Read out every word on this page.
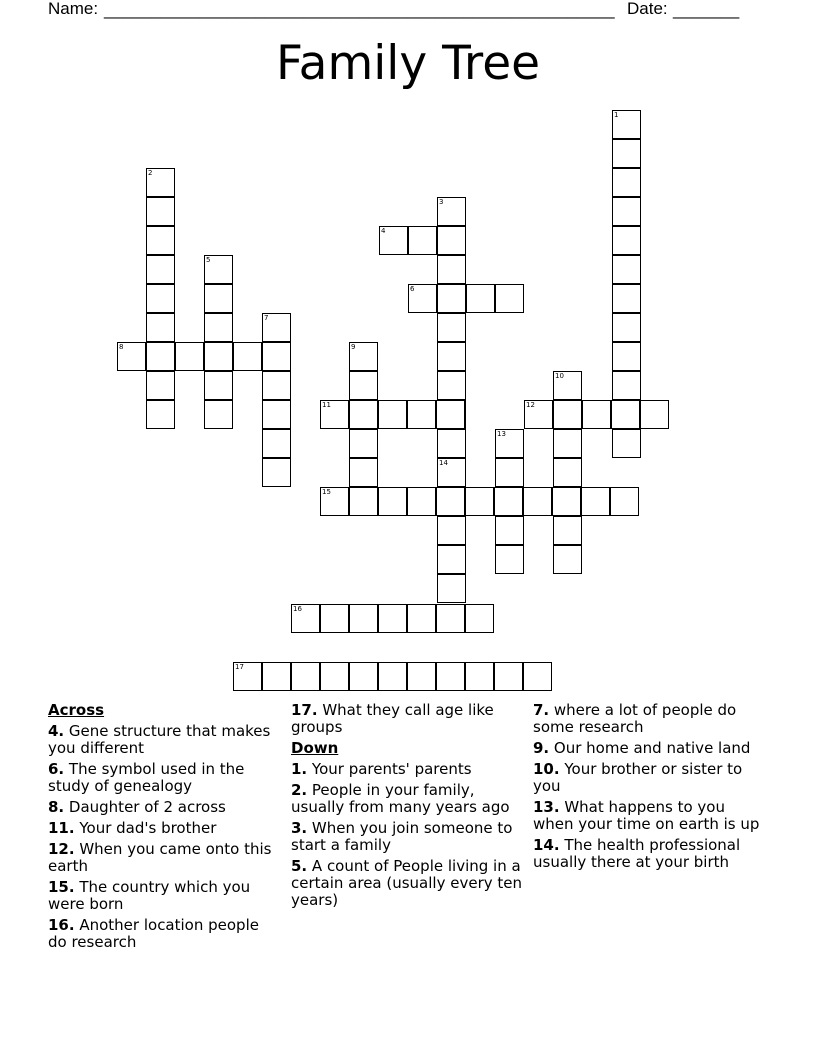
Name: ______________________________________________________ Date: _______
Family Tree
1
2
3
4
5
6
7
8	9
10
11	12
13
14
15
16
17
Across
4. Gene structure that makes you different
6. The symbol used in the study of genealogy
8. Daughter of 2 across
11. Your dad's brother
12. When you came onto this earth
15. The country which you were born
16. Another location people do research
17. What they call age like groups
Down
1. Your parents' parents
2. People in your family, usually from many years ago
3. When you join someone to start a family
5. A count of People living in a certain area (usually every ten years)
7. where a lot of people do some research
9. Our home and native land
10. Your brother or sister to you
13. What happens to you when your time on earth is up
14. The health professional usually there at your birth
